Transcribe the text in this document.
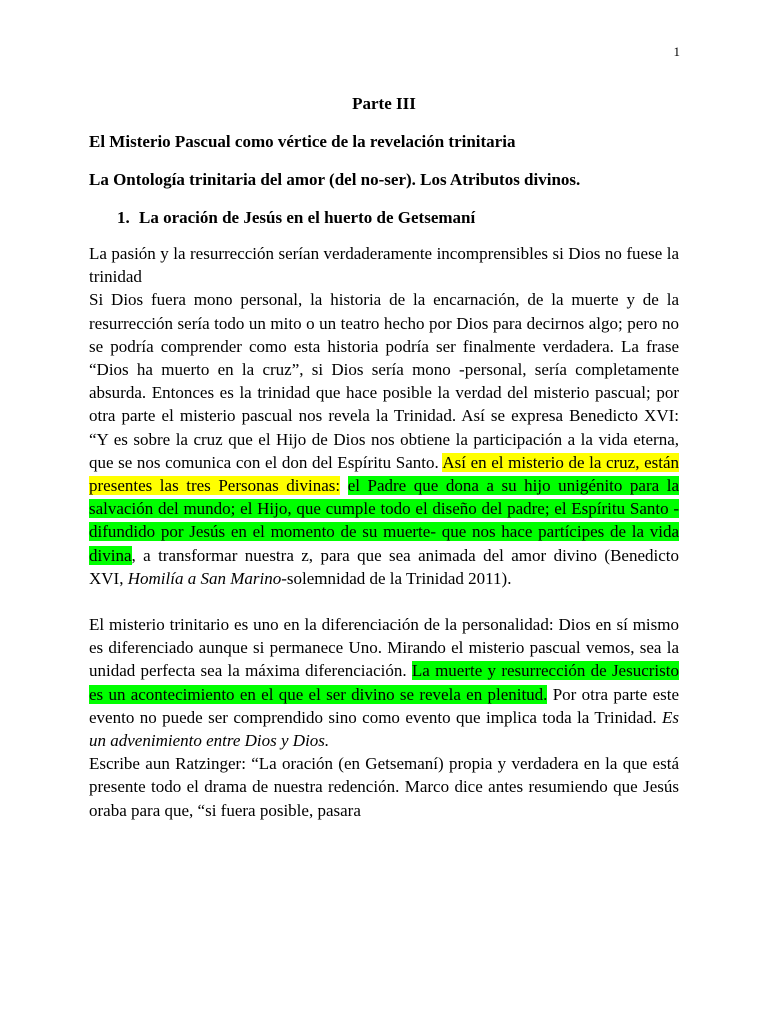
1
Parte III
El Misterio Pascual como vértice de la revelación trinitaria
La Ontología trinitaria del amor (del no-ser). Los Atributos divinos.
1. La oración de Jesús en el huerto de Getsemaní

La pasión y la resurrección serían verdaderamente incomprensibles si Dios no fuese la trinidad

Si Dios fuera mono personal, la historia de la encarnación, de la muerte y de la resurrección sería todo un mito o un teatro hecho por Dios para decirnos algo; pero no se podría comprender como esta historia podría ser finalmente verdadera. La frase “Dios ha muerto en la cruz”, si Dios sería mono -personal, sería completamente absurda. Entonces es la trinidad que hace posible la verdad del misterio pascual; por otra parte el misterio pascual nos revela la Trinidad. Así se expresa Benedicto XVI: “Y es sobre la cruz que el Hijo de Dios nos obtiene la participación a la vida eterna, que se nos comunica con el don del Espíritu Santo. Así en el misterio de la cruz, están presentes las tres Personas divinas: el Padre que dona a su hijo unigénito para la salvación del mundo; el Hijo, que cumple todo el diseño del padre; el Espíritu Santo -difundido por Jesús en el momento de su muerte- que nos hace partícipes de la vida divina, a transformar nuestra z, para que sea animada del amor divino (Benedicto XVI, Homilía a San Marino-solemnidad de la Trinidad 2011).

El misterio trinitario es uno en la diferenciación de la personalidad: Dios en sí mismo es diferenciado aunque si permanece Uno. Mirando el misterio pascual vemos, sea la unidad perfecta sea la máxima diferenciación. La muerte y resurrección de Jesucristo es un acontecimiento en el que el ser divino se revela en plenitud. Por otra parte este evento no puede ser comprendido sino como evento que implica toda la Trinidad. Es un advenimiento entre Dios y Dios.

Escribe aun Ratzinger: “La oración (en Getsemaní) propia y verdadera en la que está presente todo el drama de nuestra redención. Marco dice antes resumiendo que Jesús oraba para que, “si fuera posible, pasara
